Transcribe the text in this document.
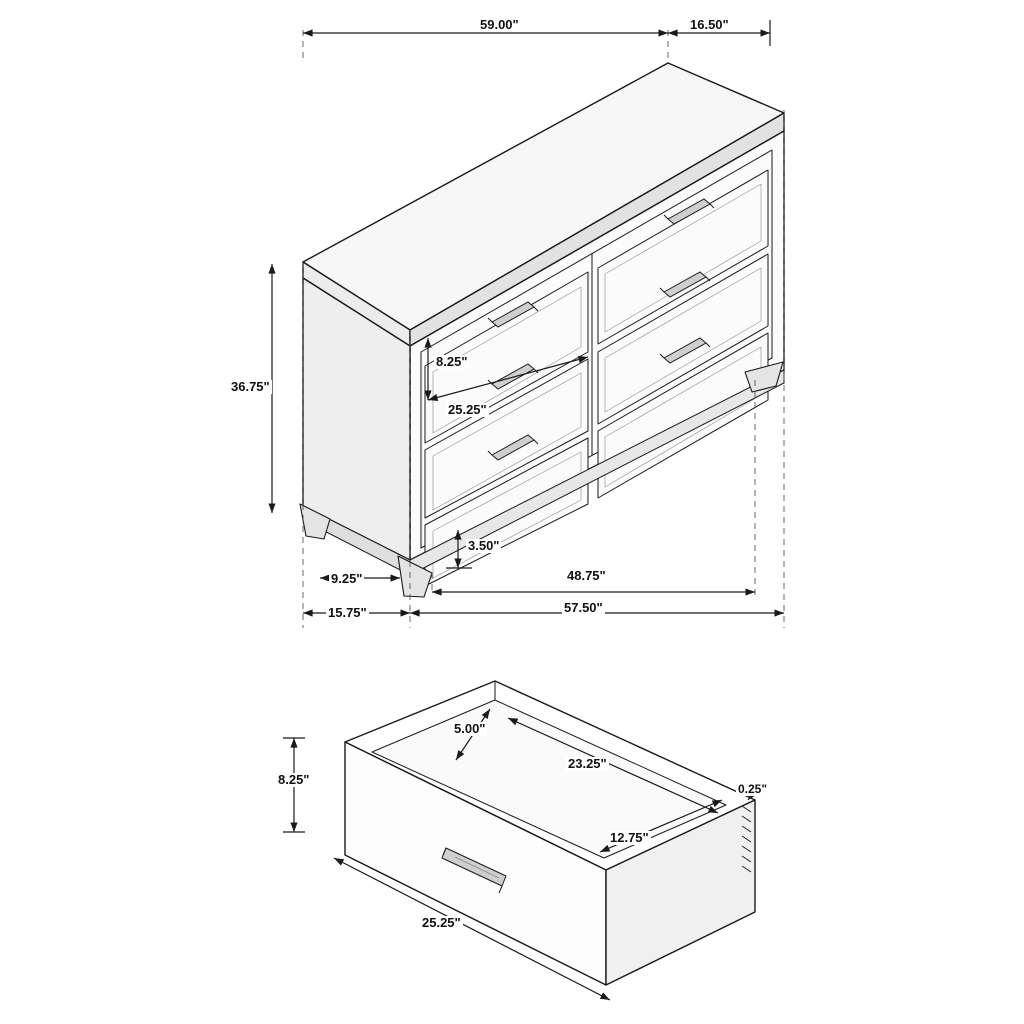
59.00"	16.50"
36.75"
8.25"
25.25"
3.50"
9.25"
15.75"
48.75"
57.50"
5.00"
23.25"
8.25"
0.25"
12.75"
25.25"
